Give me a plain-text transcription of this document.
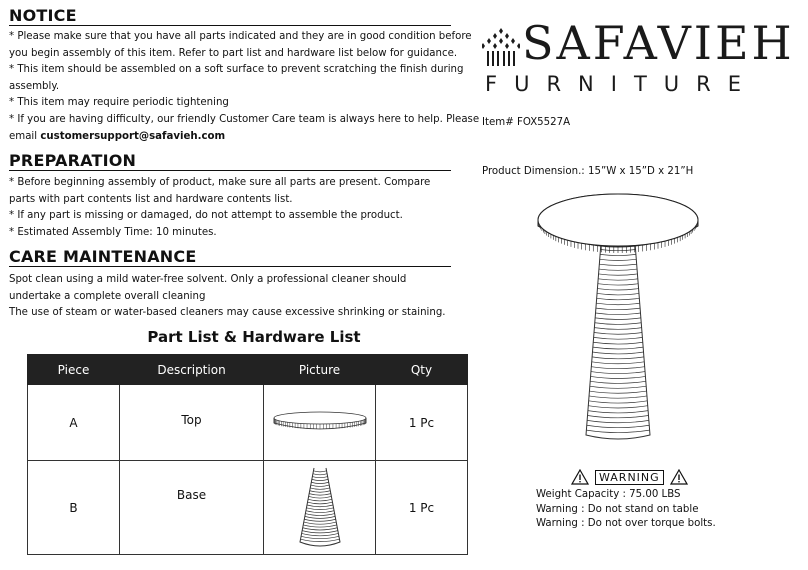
NOTICE
* Please make sure that you have all parts indicated and they are in good condition before
you begin assembly of this item. Refer to part list and hardware list below for guidance.
* This item should be assembled on a soft surface to prevent scratching the finish during
assembly.
* This item may require periodic tightening
* If you are having difficulty, our friendly Customer Care team is always here to help. Please
email customersupport@safavieh.com
PREPARATION
* Before beginning assembly of product, make sure all parts are present. Compare
parts with part contents list and hardware contents list.
* If any part is missing or damaged, do not attempt to assemble the product.
* Estimated Assembly Time: 10 minutes.
CARE MAINTENANCE
Spot clean using a mild water-free solvent. Only a professional cleaner should
undertake a complete overall cleaning
The use of steam or water-based cleaners may cause excessive shrinking or staining.
Part List & Hardware List
Piece	Description	Picture	Qty
A	Top		1 Pc
B	Base		1 Pc
SAFAVIEH
FURNITURE
Item# FOX5527A
Product Dimension.: 15”W x 15”D x 21”H
WARNING
Weight Capacity : 75.00 LBS
Warning : Do not stand on table
Warning : Do not over torque bolts.
